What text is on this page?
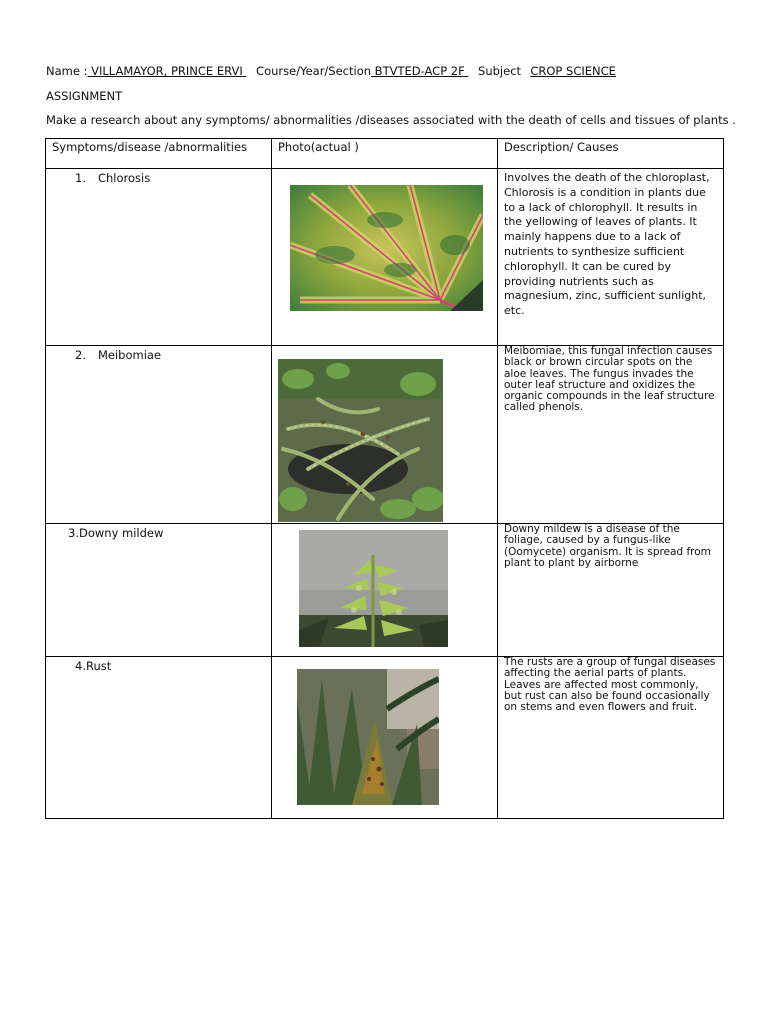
Name : VILLAMAYOR, PRINCE ERVI  Course/Year/Section BTVTED-ACP 2F  Subject CROP SCIENCE
ASSIGNMENT
Make a research about any symptoms/ abnormalities /diseases associated with the death of cells and tissues of plants .
Symptoms/disease /abnormalities	Photo(actual )	Description/ Causes

1. Chlorosis		Involves the death of the chloroplast, Chlorosis is a condition in plants due to a lack of chlorophyll. It results in the yellowing of leaves of plants. It mainly happens due to a lack of nutrients to synthesize sufficient chlorophyll. It can be cured by providing nutrients such as magnesium, zinc, sufficient sunlight, etc.

2. Meibomiae		Meibomiae, this fungal infection causes black or brown circular spots on the aloe leaves. The fungus invades the outer leaf structure and oxidizes the organic compounds in the leaf structure called phenols.

3.Downy mildew		Downy mildew is a disease of the foliage, caused by a fungus-like (Oomycete) organism. It is spread from plant to plant by airborne

4.Rust		The rusts are a group of fungal diseases affecting the aerial parts of plants. Leaves are affected most commonly, but rust can also be found occasionally on stems and even flowers and fruit.
